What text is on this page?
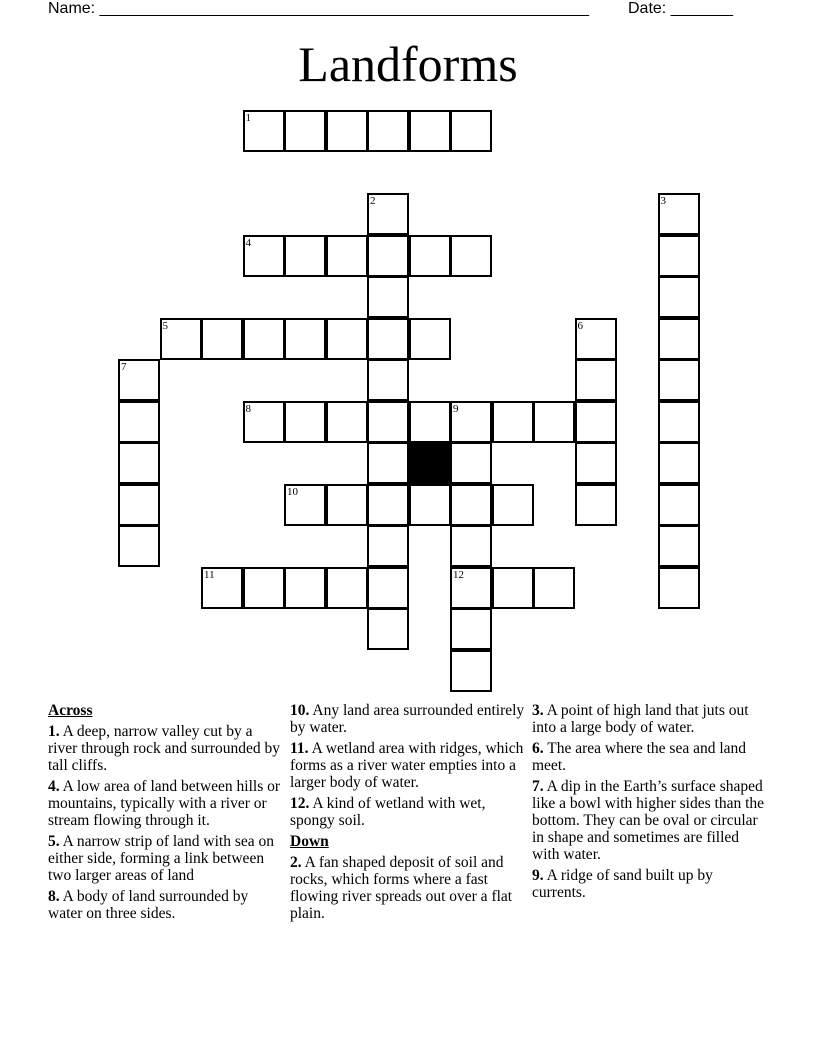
Name: _______________________________________________________ Date: _______
Landforms
1
2	3
4
5	6
7
8	9
10
11	12
Across
1. A deep, narrow valley cut by a river through rock and surrounded by tall cliffs.
4. A low area of land between hills or mountains, typically with a river or stream flowing through it.
5. A narrow strip of land with sea on either side, forming a link between two larger areas of land
8. A body of land surrounded by water on three sides.
10. Any land area surrounded entirely by water.
11. A wetland area with ridges, which forms as a river water empties into a larger body of water.
12. A kind of wetland with wet, spongy soil.
Down
2. A fan shaped deposit of soil and rocks, which forms where a fast flowing river spreads out over a flat plain.
3. A point of high land that juts out into a large body of water.
6. The area where the sea and land meet.
7. A dip in the Earth’s surface shaped like a bowl with higher sides than the bottom. They can be oval or circular in shape and sometimes are filled with water.
9. A ridge of sand built up by currents.
